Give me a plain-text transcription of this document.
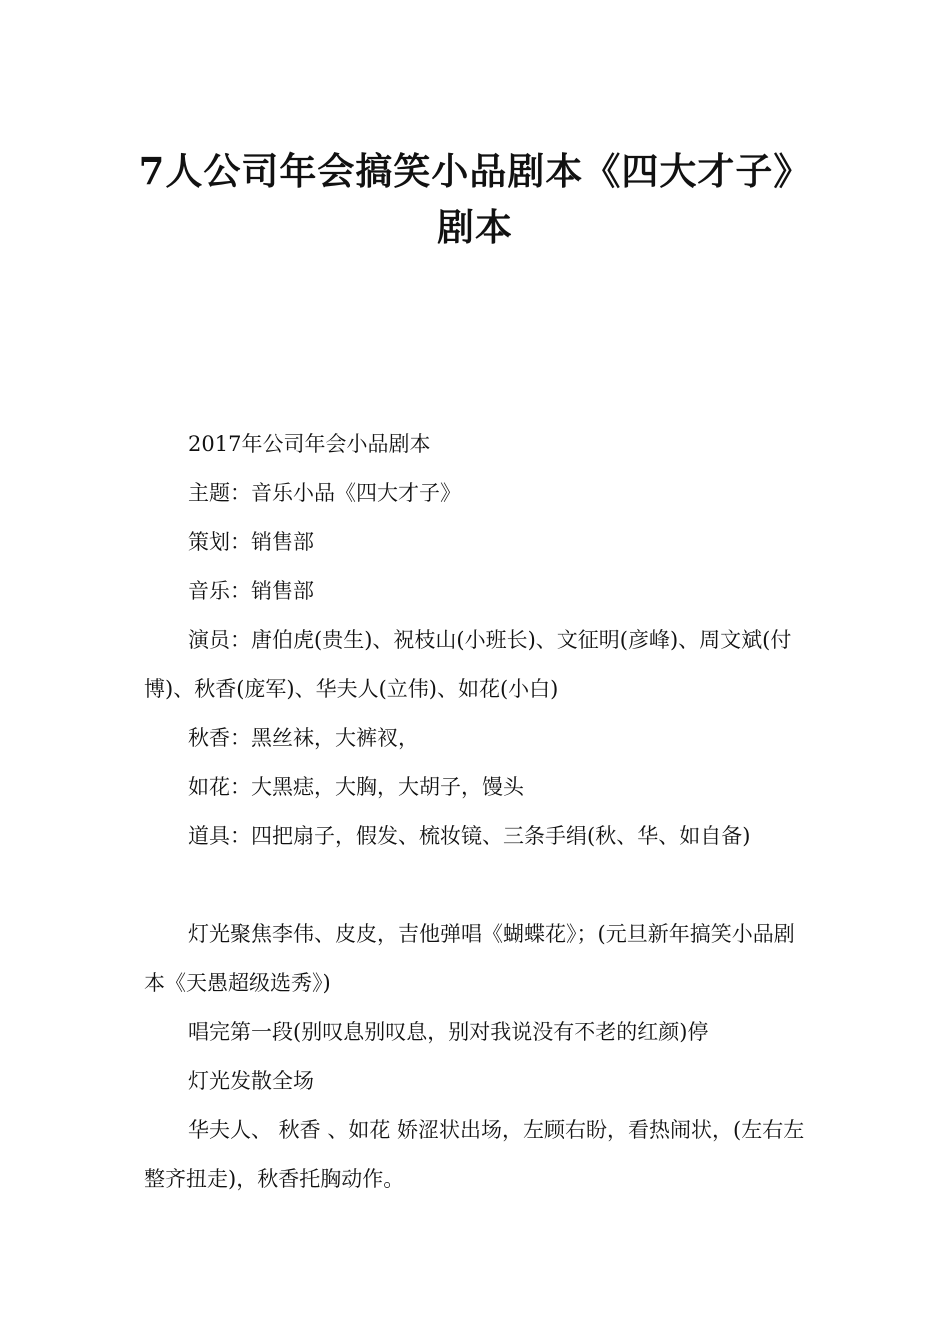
7人公司年会搞笑小品剧本《四大才子》剧本

2017年公司年会小品剧本

主题：音乐小品《四大才子》

策划：销售部

音乐：销售部

演员：唐伯虎(贵生)、祝枝山(小班长)、文征明(彦峰)、周文斌(付博)、秋香(庞军)、华夫人(立伟)、如花(小白)

秋香：黑丝袜，大裤衩，

如花：大黑痣，大胸，大胡子，馒头

道具：四把扇子，假发、梳妆镜、三条手绢(秋、华、如自备)

灯光聚焦李伟、皮皮，吉他弹唱《蝴蝶花》；(元旦新年搞笑小品剧本《天愚超级选秀》)

唱完第一段(别叹息别叹息，别对我说没有不老的红颜)停

灯光发散全场

华夫人、 秋香 、如花 娇涩状出场，左顾右盼，看热闹状，(左右左整齐扭走)，秋香托胸动作。
